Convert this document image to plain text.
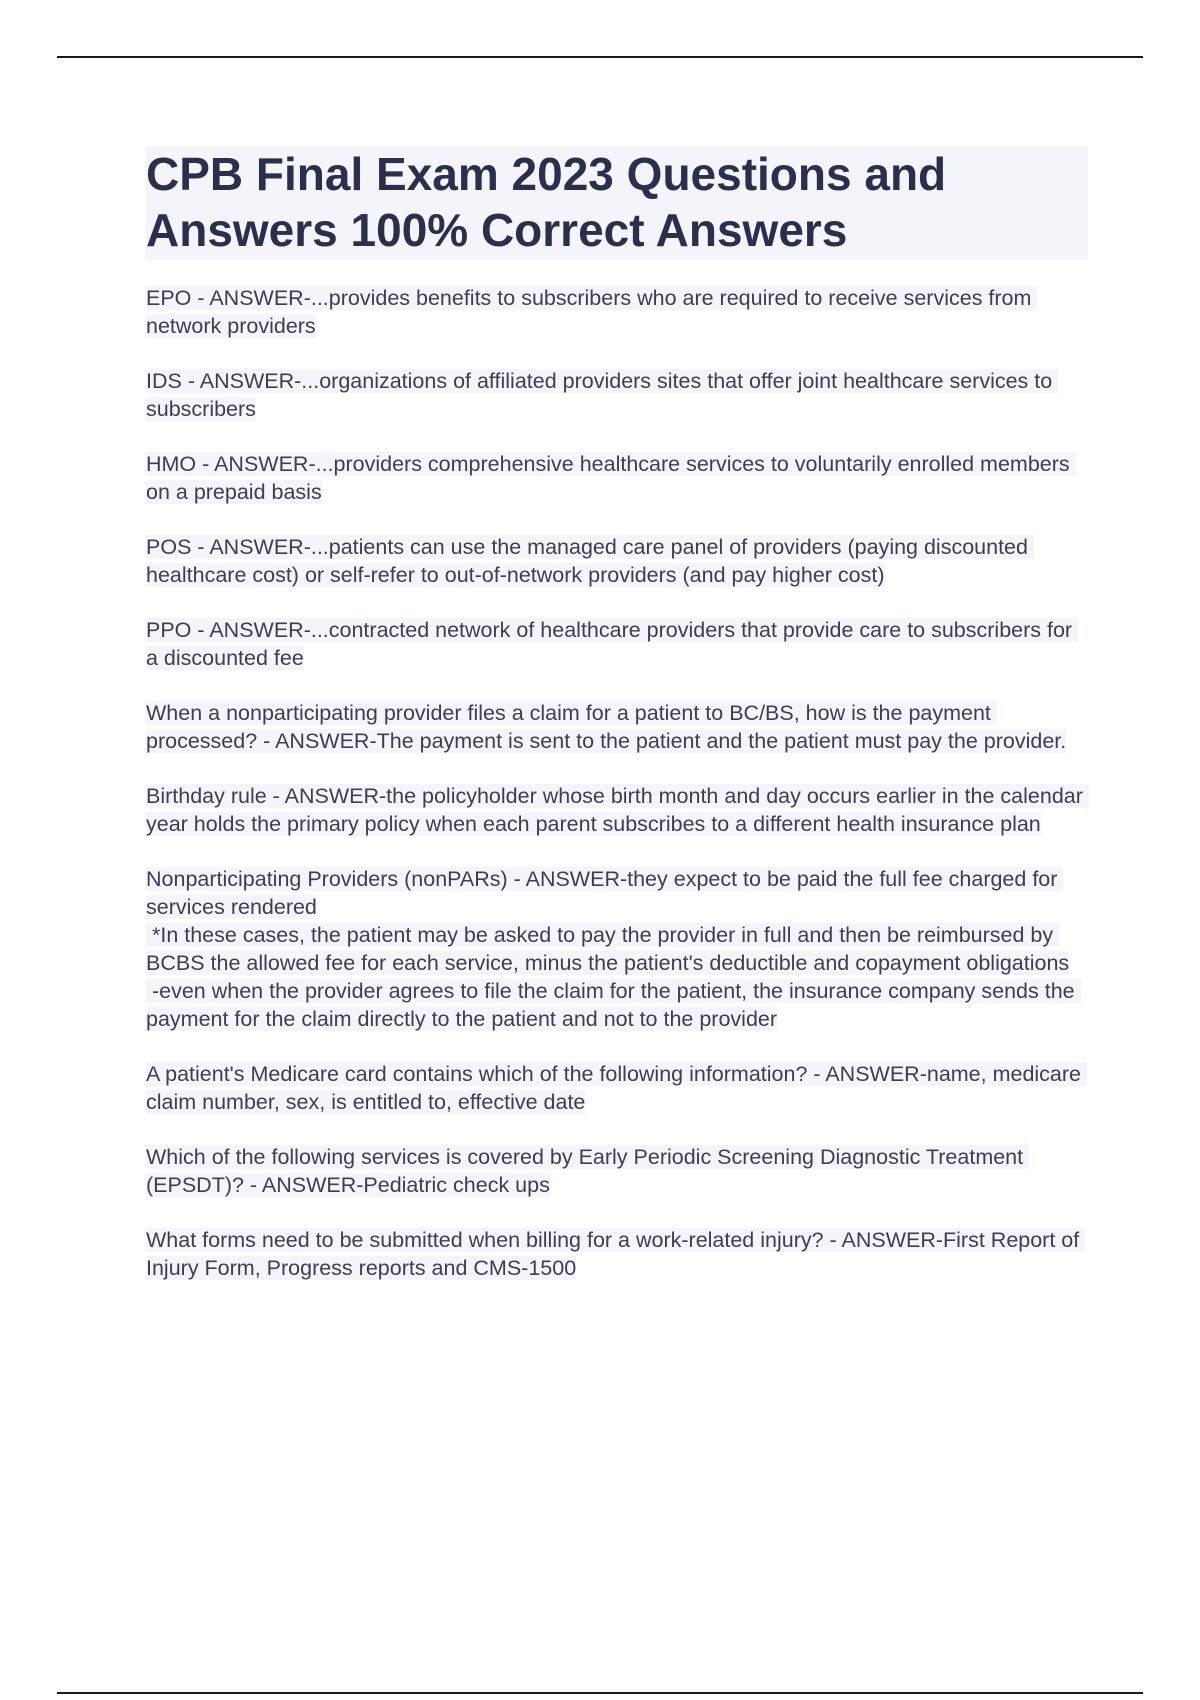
CPB Final Exam 2023 Questions and Answers 100% Correct Answers

EPO - ANSWER-...provides benefits to subscribers who are required to receive services from network providers

IDS - ANSWER-...organizations of affiliated providers sites that offer joint healthcare services to subscribers

HMO - ANSWER-...providers comprehensive healthcare services to voluntarily enrolled members on a prepaid basis

POS - ANSWER-...patients can use the managed care panel of providers (paying discounted healthcare cost) or self-refer to out-of-network providers (and pay higher cost)

PPO - ANSWER-...contracted network of healthcare providers that provide care to subscribers for a discounted fee

When a nonparticipating provider files a claim for a patient to BC/BS, how is the payment processed? - ANSWER-The payment is sent to the patient and the patient must pay the provider.

Birthday rule - ANSWER-the policyholder whose birth month and day occurs earlier in the calendar year holds the primary policy when each parent subscribes to a different health insurance plan

Nonparticipating Providers (nonPARs) - ANSWER-they expect to be paid the full fee charged for services rendered
*In these cases, the patient may be asked to pay the provider in full and then be reimbursed by BCBS the allowed fee for each service, minus the patient's deductible and copayment obligations
-even when the provider agrees to file the claim for the patient, the insurance company sends the payment for the claim directly to the patient and not to the provider

A patient's Medicare card contains which of the following information? - ANSWER-name, medicare claim number, sex, is entitled to, effective date

Which of the following services is covered by Early Periodic Screening Diagnostic Treatment (EPSDT)? - ANSWER-Pediatric check ups

What forms need to be submitted when billing for a work-related injury? - ANSWER-First Report of Injury Form, Progress reports and CMS-1500
